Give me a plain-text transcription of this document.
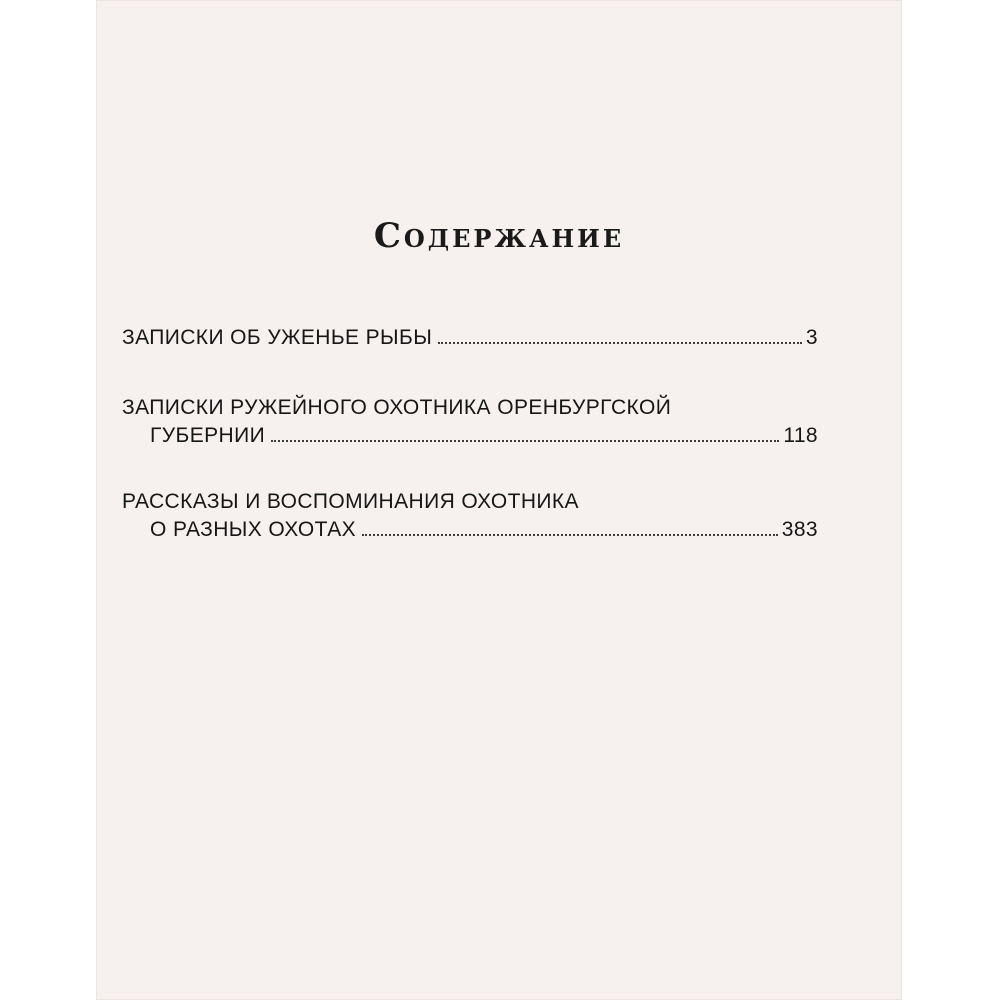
Содержание
ЗАПИСКИ ОБ УЖЕНЬЕ РЫБЫ	3
ЗАПИСКИ РУЖЕЙНОГО ОХОТНИКА ОРЕНБУРГСКОЙ
ГУБЕРНИИ	118
РАССКАЗЫ И ВОСПОМИНАНИЯ ОХОТНИКА
О РАЗНЫХ ОХОТАХ	383
